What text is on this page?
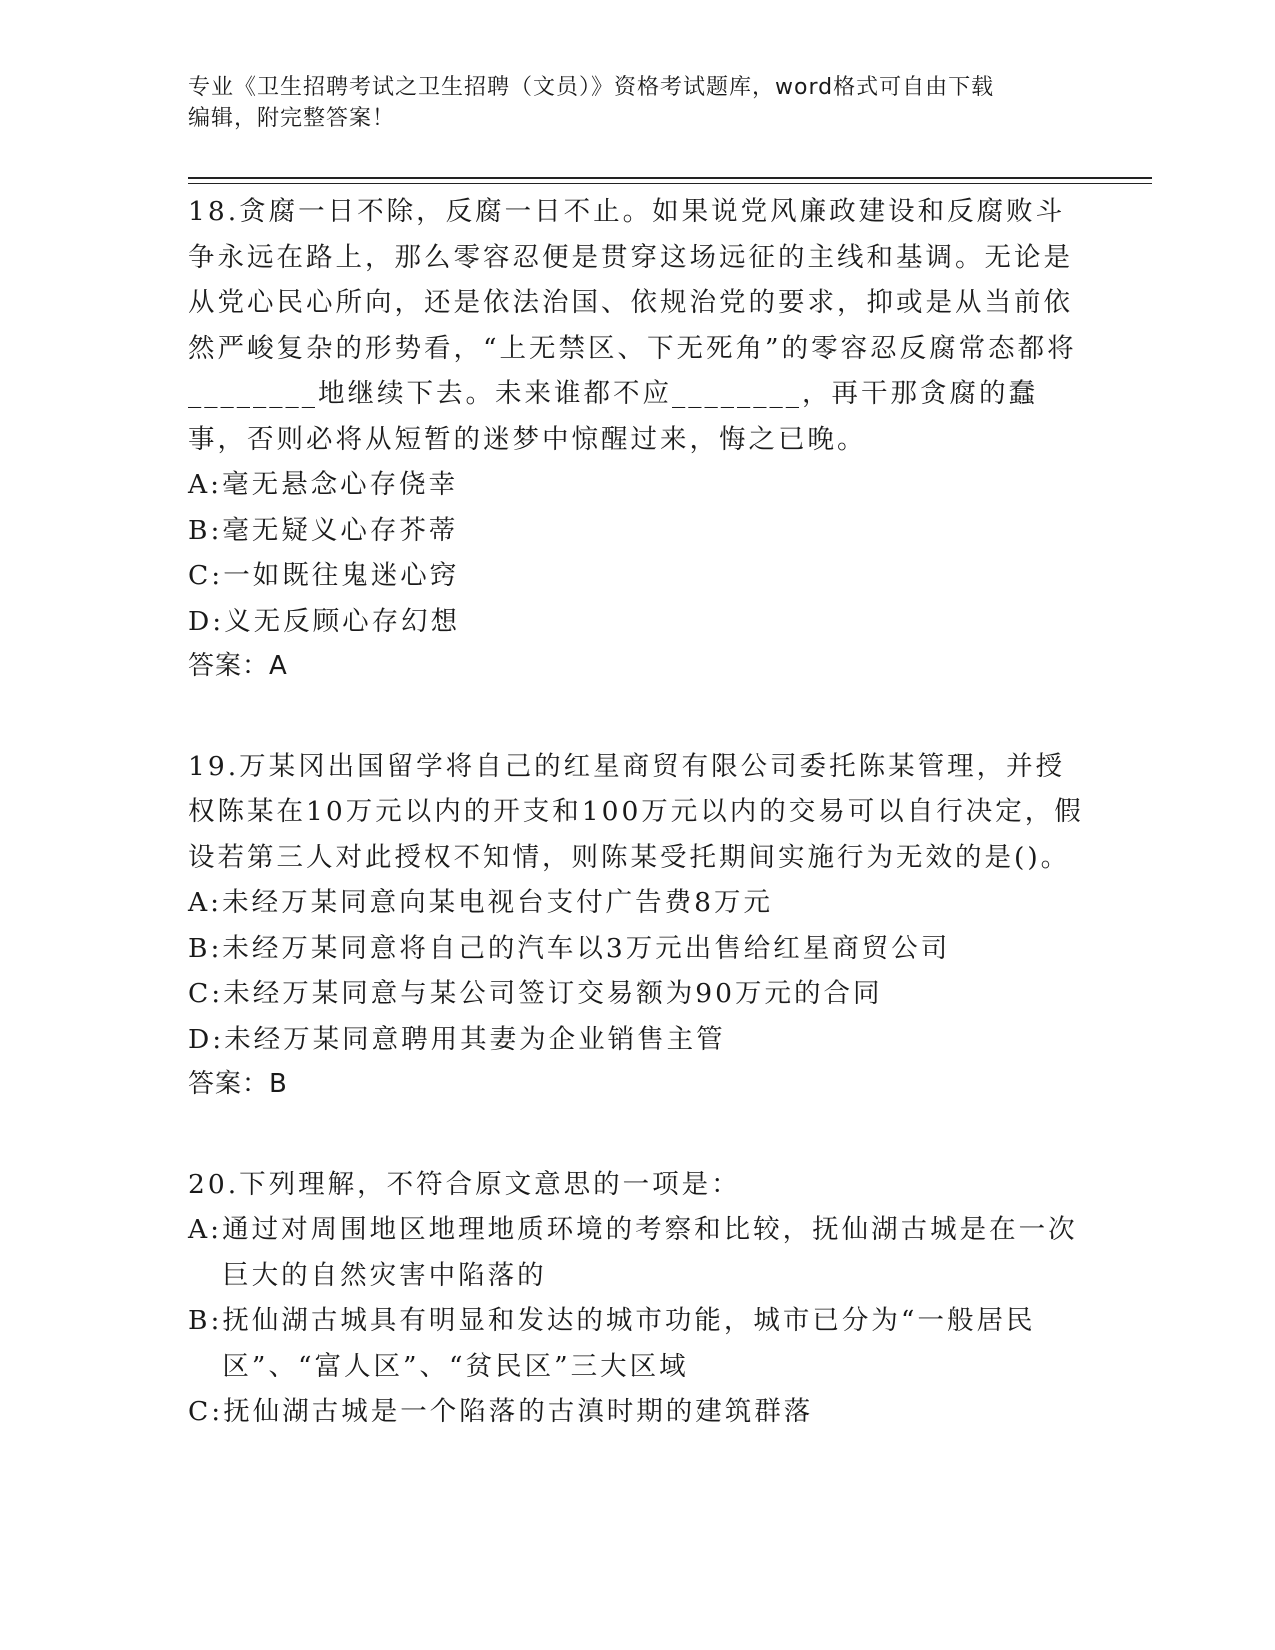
专业《卫生招聘考试之卫生招聘（文员）》资格考试题库，word格式可自由下载
编辑，附完整答案！
18.贪腐一日不除，反腐一日不止。如果说党风廉政建设和反腐败斗争永远在路上，那么零容忍便是贯穿这场远征的主线和基调。无论是从党心民心所向，还是依法治国、依规治党的要求，抑或是从当前依然严峻复杂的形势看，“上无禁区、下无死角”的零容忍反腐常态都将________地继续下去。未来谁都不应________，再干那贪腐的蠢事，否则必将从短暂的迷梦中惊醒过来，悔之已晚。
A: 毫无悬念心存侥幸
B: 毫无疑义心存芥蒂
C: 一如既往鬼迷心窍
D: 义无反顾心存幻想
答案：A
19.万某冈出国留学将自己的红星商贸有限公司委托陈某管理，并授权陈某在10万元以内的开支和100万元以内的交易可以自行决定，假设若第三人对此授权不知情，则陈某受托期间实施行为无效的是()。
A: 未经万某同意向某电视台支付广告费8万元
B: 未经万某同意将自己的汽车以3万元出售给红星商贸公司
C: 未经万某同意与某公司签订交易额为90万元的合同
D: 未经万某同意聘用其妻为企业销售主管
答案：B
20.下列理解，不符合原文意思的一项是：
A: 通过对周围地区地理地质环境的考察和比较，抚仙湖古城是在一次巨大的自然灾害中陷落的
B: 抚仙湖古城具有明显和发达的城市功能，城市已分为“一般居民区”、“富人区”、“贫民区”三大区域
C: 抚仙湖古城是一个陷落的古滇时期的建筑群落
